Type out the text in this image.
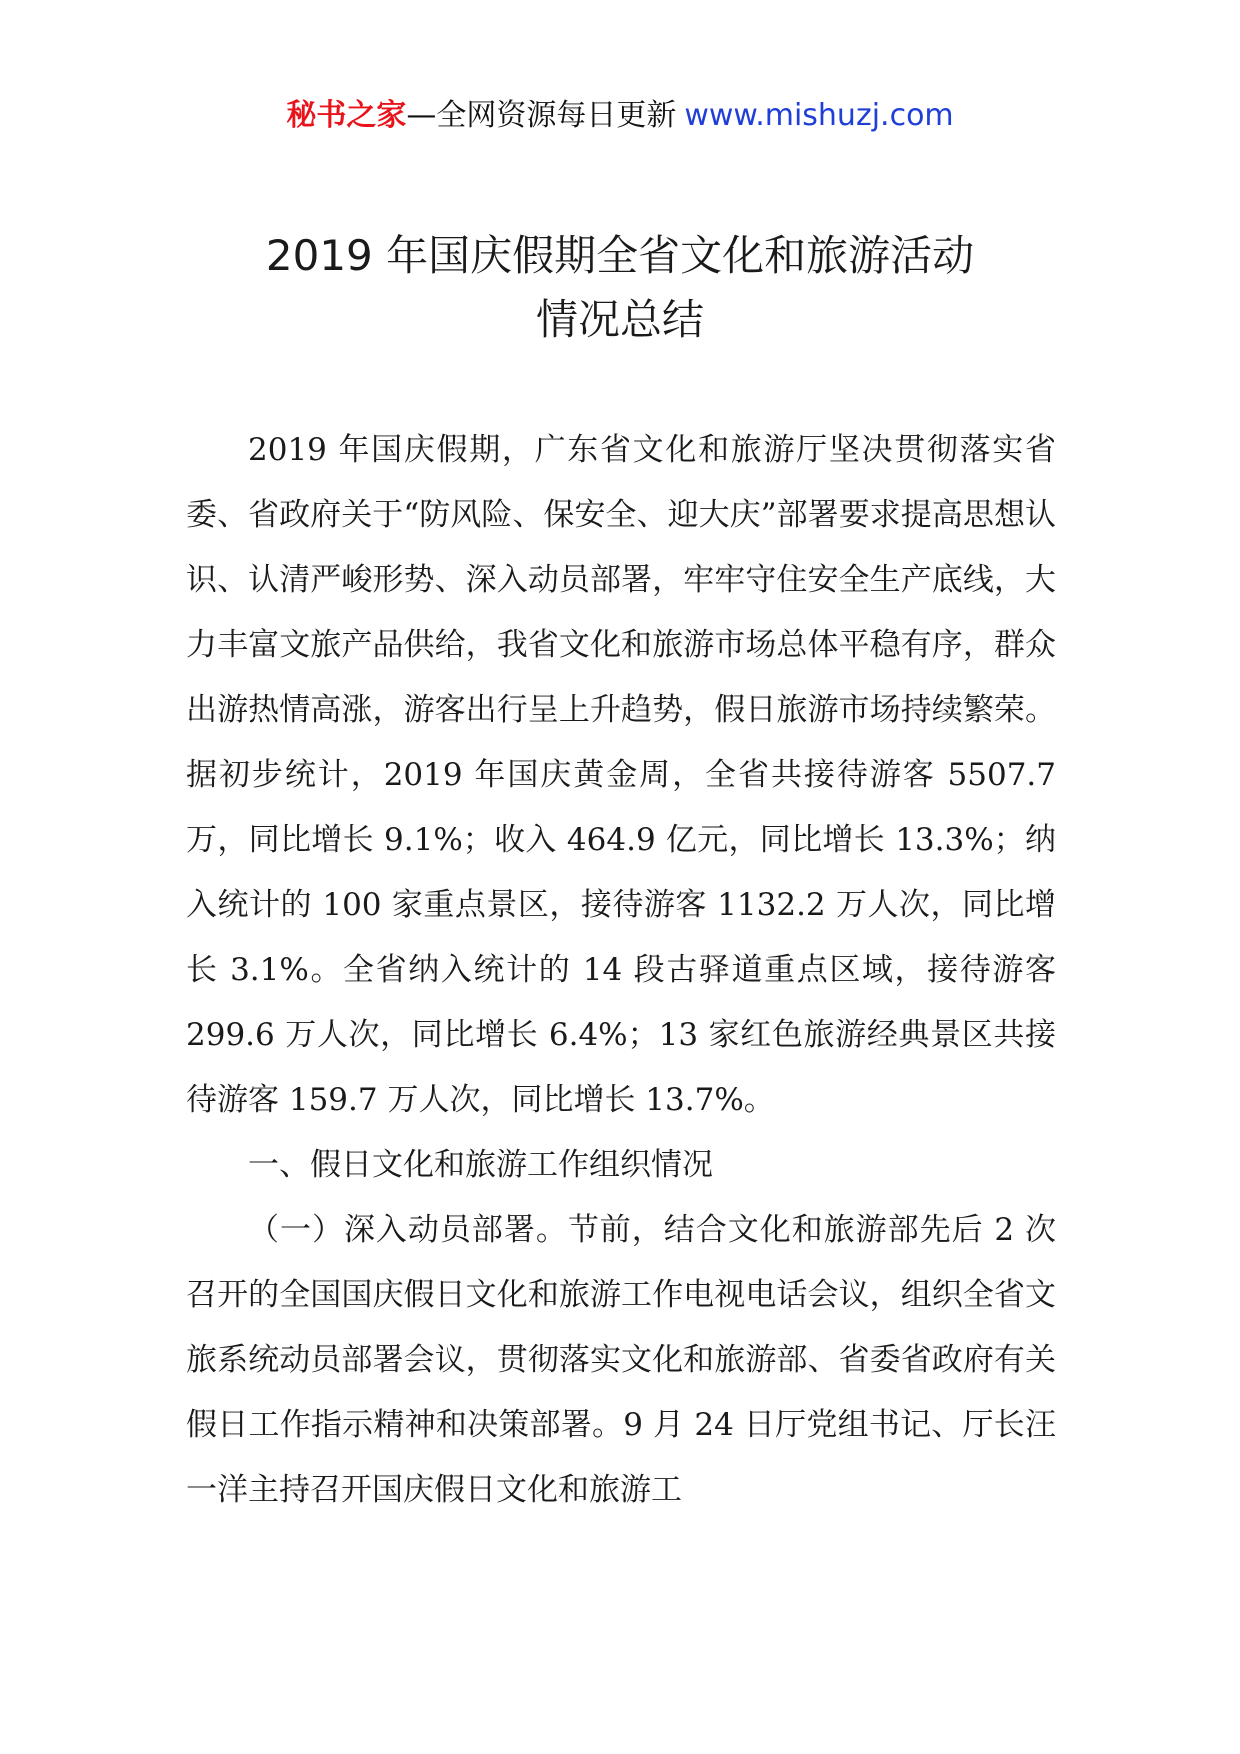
秘书之家—全网资源每日更新 www.mishuzj.com
2019 年国庆假期全省文化和旅游活动
情况总结

2019 年国庆假期，广东省文化和旅游厅坚决贯彻落实省委、省政府关于“防风险、保安全、迎大庆”部署要求提高思想认识、认清严峻形势、深入动员部署，牢牢守住安全生产底线，大力丰富文旅产品供给，我省文化和旅游市场总体平稳有序，群众出游热情高涨，游客出行呈上升趋势，假日旅游市场持续繁荣。据初步统计，2019 年国庆黄金周，全省共接待游客 5507.7 万，同比增长 9.1%；收入 464.9 亿元，同比增长 13.3%；纳入统计的 100 家重点景区，接待游客 1132.2 万人次，同比增长 3.1%。全省纳入统计的 14 段古驿道重点区域，接待游客 299.6 万人次，同比增长 6.4%；13 家红色旅游经典景区共接待游客 159.7 万人次，同比增长 13.7%。

一、假日文化和旅游工作组织情况

（一）深入动员部署。节前，结合文化和旅游部先后 2 次召开的全国国庆假日文化和旅游工作电视电话会议，组织全省文旅系统动员部署会议，贯彻落实文化和旅游部、省委省政府有关假日工作指示精神和决策部署。9 月 24 日厅党组书记、厅长汪一洋主持召开国庆假日文化和旅游工
